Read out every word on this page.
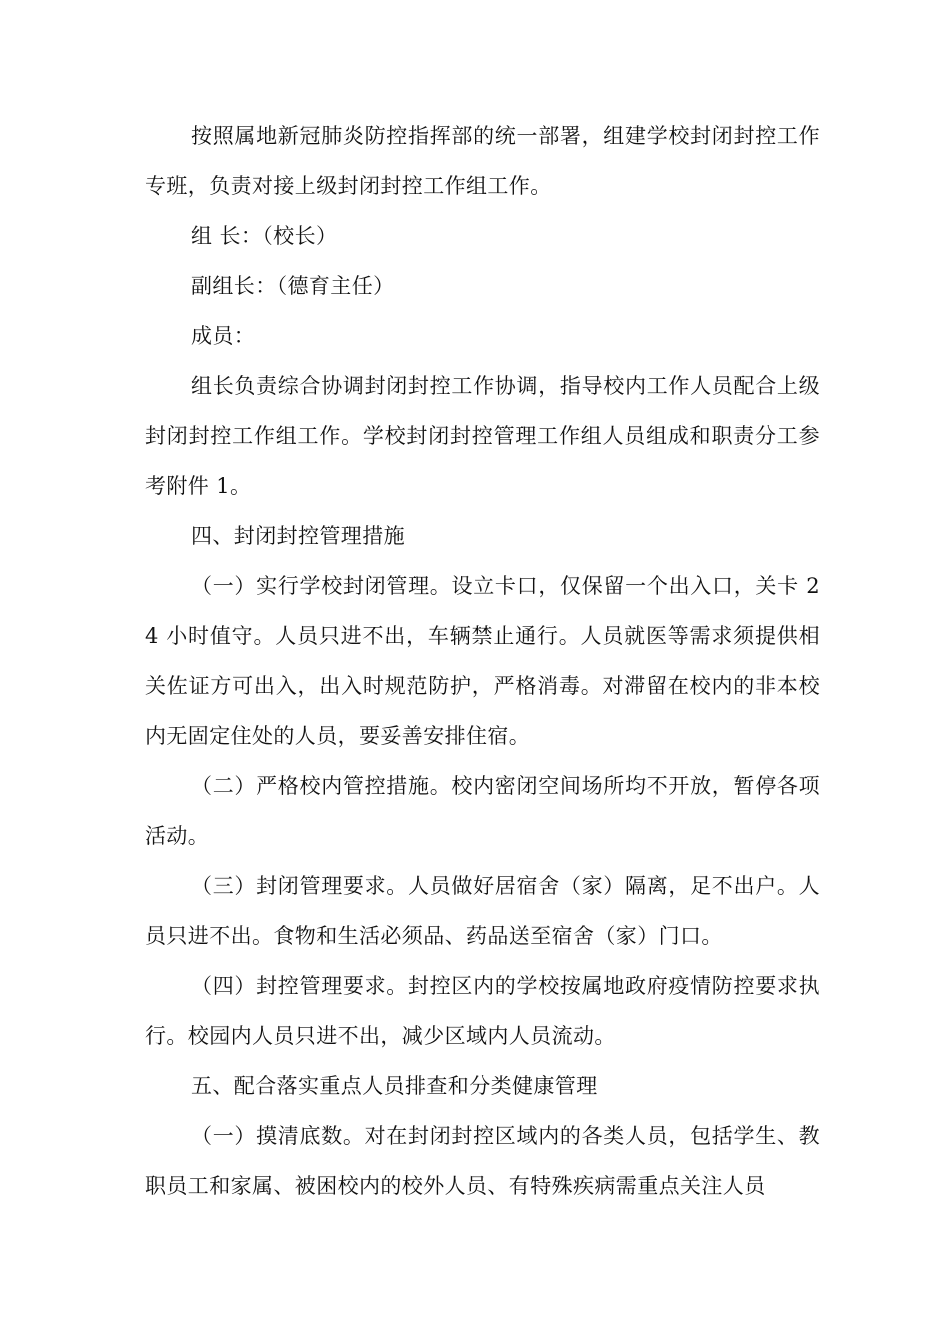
按照属地新冠肺炎防控指挥部的统一部署，组建学校封闭封控工作专班，负责对接上级封闭封控工作组工作。

组 长：（校长）

副组长：（德育主任）

成员：

组长负责综合协调封闭封控工作协调，指导校内工作人员配合上级封闭封控工作组工作。学校封闭封控管理工作组人员组成和职责分工参考附件 1。

四、封闭封控管理措施

（一）实行学校封闭管理。设立卡口，仅保留一个出入口，关卡 24 小时值守。人员只进不出，车辆禁止通行。人员就医等需求须提供相关佐证方可出入，出入时规范防护，严格消毒。对滞留在校内的非本校内无固定住处的人员，要妥善安排住宿。

（二）严格校内管控措施。校内密闭空间场所均不开放，暂停各项活动。

（三）封闭管理要求。人员做好居宿舍（家）隔离，足不出户。人员只进不出。食物和生活必须品、药品送至宿舍（家）门口。

（四）封控管理要求。封控区内的学校按属地政府疫情防控要求执行。校园内人员只进不出，减少区域内人员流动。

五、配合落实重点人员排查和分类健康管理

（一）摸清底数。对在封闭封控区域内的各类人员，包括学生、教职员工和家属、被困校内的校外人员、有特殊疾病需重点关注人员
